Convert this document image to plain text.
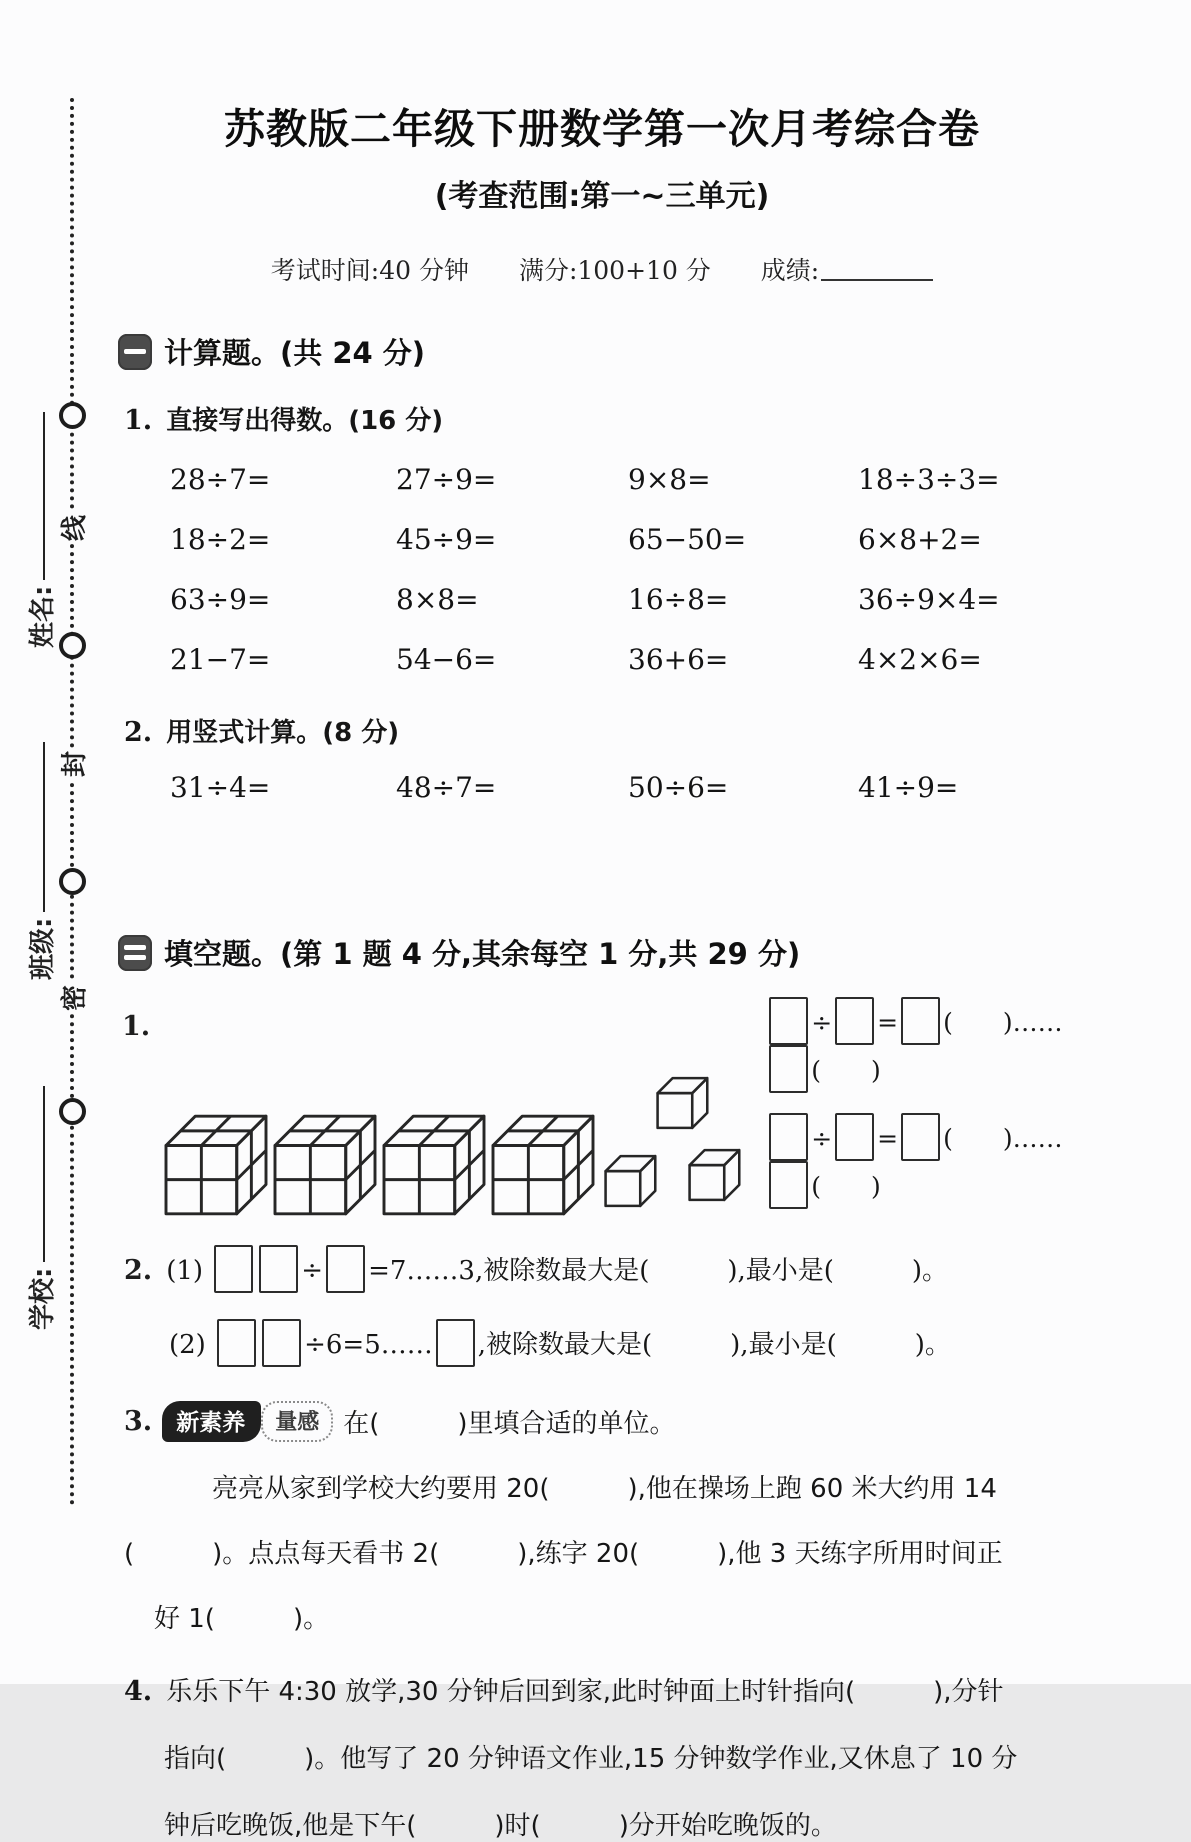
线
封
密
姓名:
班级:
学校:
苏教版二年级下册数学第一次月考综合卷
(考查范围:第一~三单元)
考试时间:40 分钟　　满分:100+10 分　　成绩:
计算题。(共 24 分)
1. 直接写出得数。(16 分)
28÷7=	27÷9=	9×8=	18÷3÷3=
18÷2=	45÷9=	65−50=	6×8+2=
63÷9=	8×8=	16÷8=	36÷9×4=
21−7=	54−6=	36+6=	4×2×6=
2. 用竖式计算。(8 分)
31÷4=	48÷7=	50÷6=	41÷9=
填空题。(第 1 题 4 分,其余每空 1 分,共 29 分)
1.	÷ = (　　)……(　　)
÷ = (　　)……(　　)
2. (1)	÷ =7……3,被除数最大是(　　　),最小是(　　　)。
(2)	÷6=5…… ,被除数最大是(　　　),最小是(　　　)。
3.	新素养	量感 在(　　　)里填合适的单位。
亮亮从家到学校大约要用 20(　　　),他在操场上跑 60 米大约用 14
(　　　)。点点每天看书 2(　　　),练字 20(　　　),他 3 天练字所用时间正
好 1(　　　)。
4. 乐乐下午 4:30 放学,30 分钟后回到家,此时钟面上时针指向(　　　),分针
指向(　　　)。他写了 20 分钟语文作业,15 分钟数学作业,又休息了 10 分
钟后吃晚饭,他是下午(　　　)时(　　　)分开始吃晚饭的。
